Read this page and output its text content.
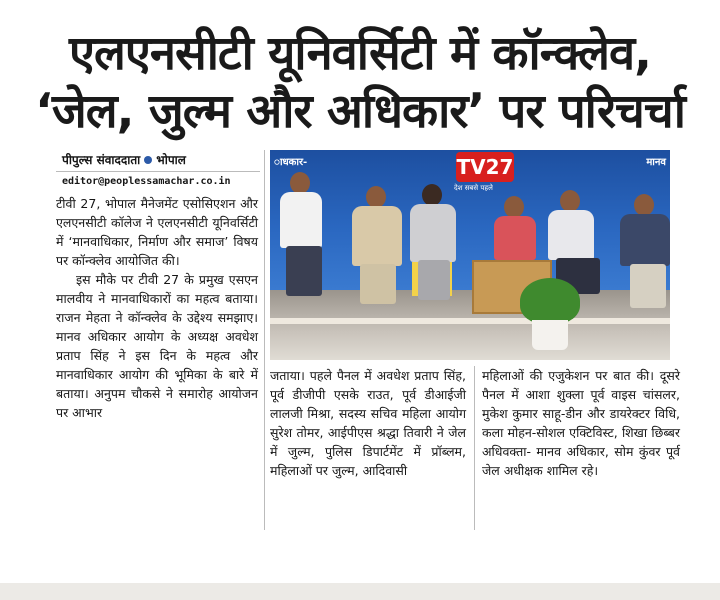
एलएनसीटी यूनिवर्सिटी में कॉन्क्लेव,
‘जेल, जुल्म और अधिकार’ पर परिचर्चा
पीपुल्स संवाददाता भोपाल
editor@peoplessamachar.co.in

टीवी 27, भोपाल मैनेजमेंट एसोसिएशन और एलएनसीटी कॉलेज ने एलएनसीटी यूनिवर्सिटी में ‘मानवाधिकार, निर्माण और समाज’ विषय पर कॉन्क्लेव आयोजित की।

इस मौके पर टीवी 27 के प्रमुख एसएन मालवीय ने मानवाधिकारों का महत्व बताया। राजन मेहता ने कॉन्क्लेव के उद्देश्य समझाए। मानव अधिकार आयोग के अध्यक्ष अवधेश प्रताप सिंह ने इस दिन के महत्व और मानवाधिकार आयोग की भूमिका के बारे में बताया। अनुपम चौकसे ने समारोह आयोजन पर आभार

ाधकार-	मानव
TV27
देश सबसे पहले
जताया। पहले पैनल में अवधेश प्रताप सिंह, पूर्व डीजीपी एसके राउत, पूर्व डीआईजी लालजी मिश्रा, सदस्य सचिव महिला आयोग सुरेश तोमर, आईपीएस श्रद्धा तिवारी ने जेल में जुल्म, पुलिस डिपार्टमेंट में प्रॉब्लम, महिलाओं पर जुल्म, आदिवासी
महिलाओं की एजुकेशन पर बात की। दूसरे पैनल में आशा शुक्ला पूर्व वाइस चांसलर, मुकेश कुमार साहू-डीन और डायरेक्टर विधि, कला मोहन-सोशल एक्टिविस्ट, शिखा छिब्बर अधिवक्ता- मानव अधिकार, सोम कुंवर पूर्व जेल अधीक्षक शामिल रहे।
